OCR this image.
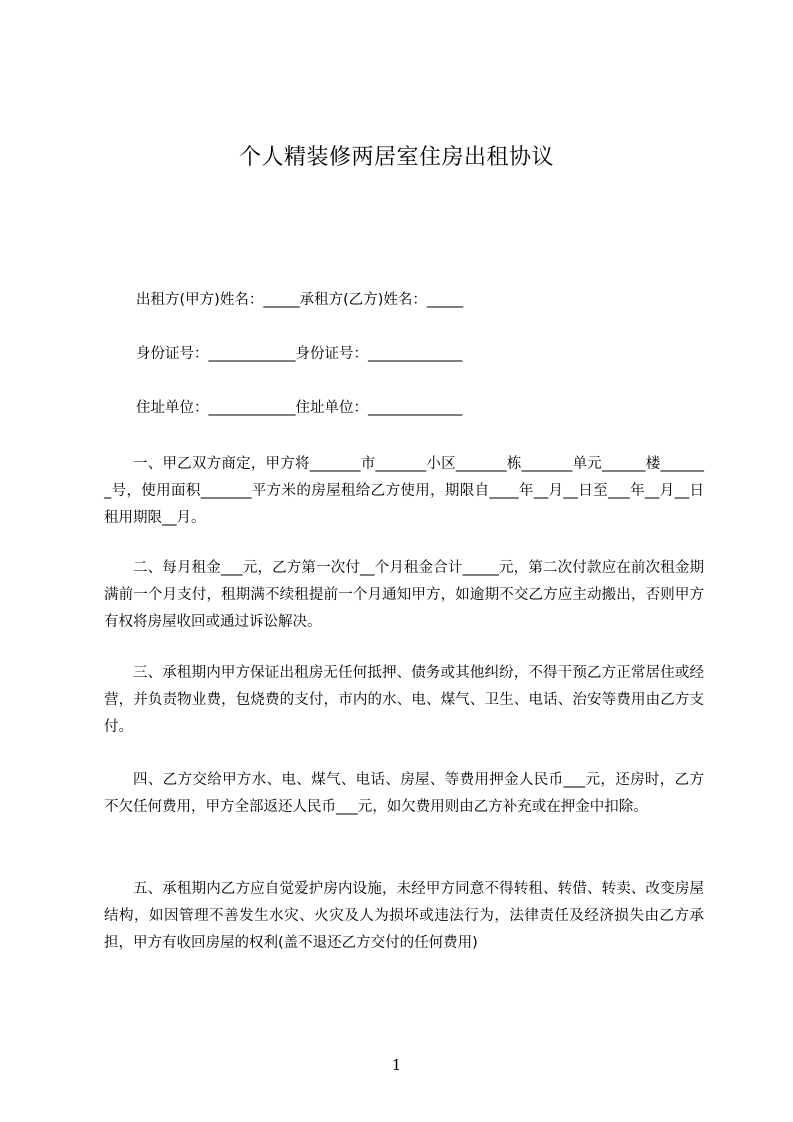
个人精装修两居室住房出租协议
出租方(甲方)姓名：_____承租方(乙方)姓名：_____
身份证号：____________身份证号：_____________
住址单位：____________住址单位：_____________
一、甲乙双方商定，甲方将_______市_______小区_______栋_______单元______楼_______号，使用面积_______平方米的房屋租给乙方使用，期限自____年__月__日至___年__月__日租用期限__月。
二、每月租金___元，乙方第一次付__个月租金合计_____元，第二次付款应在前次租金期满前一个月支付，租期满不续租提前一个月通知甲方，如逾期不交乙方应主动搬出，否则甲方有权将房屋收回或通过诉讼解决。
三、承租期内甲方保证出租房无任何抵押、债务或其他纠纷，不得干预乙方正常居住或经营，并负责物业费，包烧费的支付，市内的水、电、煤气、卫生、电话、治安等费用由乙方支付。
四、乙方交给甲方水、电、煤气、电话、房屋、等费用押金人民币___元，还房时，乙方不欠任何费用，甲方全部返还人民币___元，如欠费用则由乙方补充或在押金中扣除。
五、承租期内乙方应自觉爱护房内设施，未经甲方同意不得转租、转借、转卖、改变房屋结构，如因管理不善发生水灾、火灾及人为损坏或违法行为，法律责任及经济损失由乙方承担，甲方有收回房屋的权利(盖不退还乙方交付的任何费用)
1
